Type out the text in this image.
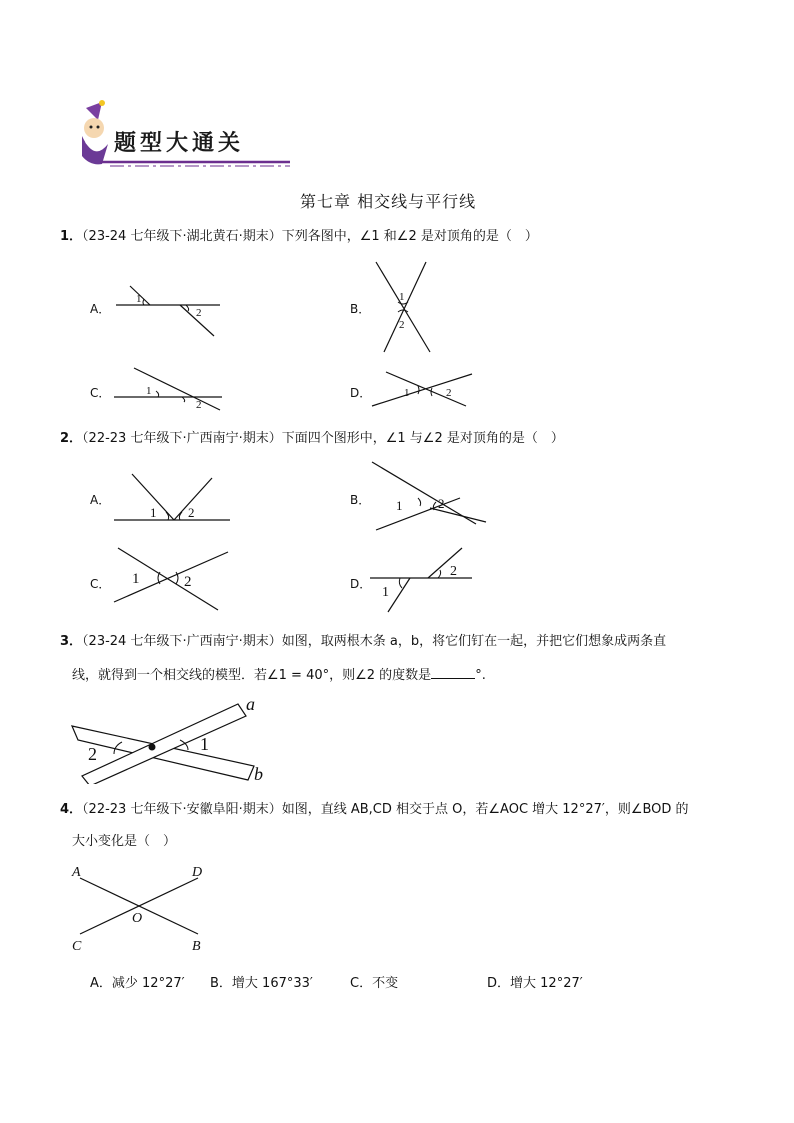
题型大通关
第七章 相交线与平行线
1．（23-24 七年级下·湖北黄石·期末）下列各图中，∠1 和∠2 是对顶角的是（　）
A．
1
2	B．
1
2
C．	1
2
D．	1	2
2．（22-23 七年级下·广西南宁·期末）下面四个图形中，∠1 与∠2 是对顶角的是（　）
A．
1 2
B． 1	2
C． 1	2	D．
1
2
3．（23-24 七年级下·广西南宁·期末）如图，取两根木条 a，b，将它们钉在一起，并把它们想象成两条直
线，就得到一个相交线的模型．若∠1 = 40°，则∠2 的度数是	°.
1
2
a
b
4．（22-23 七年级下·安徽阜阳·期末）如图，直线 AB,CD 相交于点 O，若∠AOC 增大 12°27′，则∠BOD 的
大小变化是（　）
A	D
O
C	B
A．减少 12°27′ B．增大 167°33′	C．不变	D．增大 12°27′
